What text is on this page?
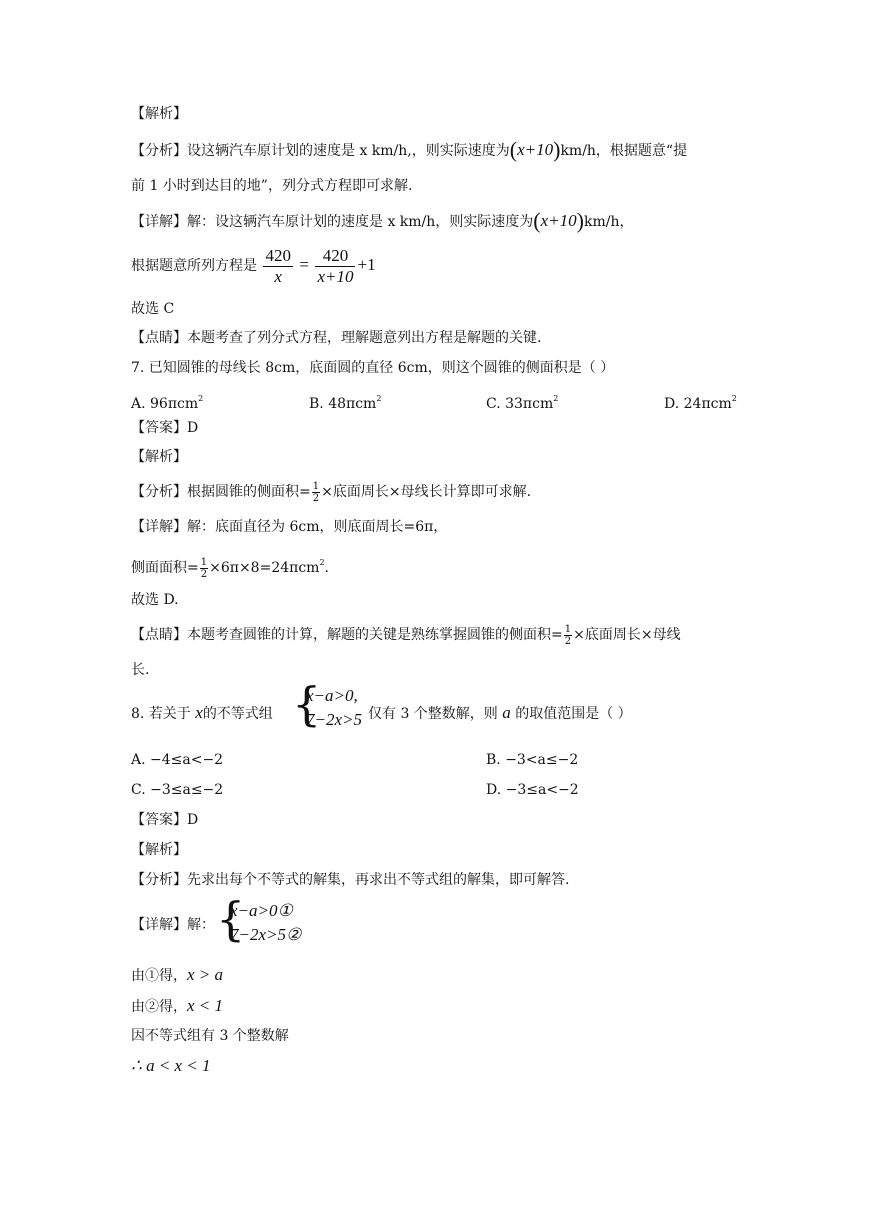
【解析】
【分析】设这辆汽车原计划的速度是 x km/h,，则实际速度为(x+10)km/h，根据题意“提
前 1 小时到达目的地”，列分式方程即可求解.
【详解】解：设这辆汽车原计划的速度是 x km/h，则实际速度为(x+10)km/h，
根据题意所列方程是 $\frac{420}{x} = \frac{420}{x+10} +1$
故选 C
【点睛】本题考查了列分式方程，理解题意列出方程是解题的关键.
7. 已知圆锥的母线长 8cm，底面圆的直径 6cm，则这个圆锥的侧面积是（ ）
A. 96πcm$^2$	B. 48πcm$^2$	C. 33πcm$^2$	D. 24πcm$^2$
【答案】D
【解析】
【分析】根据圆锥的侧面积= $\frac{1}{2}$ ×底面周长×母线长计算即可求解.
【详解】解：底面直径为 6cm，则底面周长=6π，
侧面面积= $\frac{1}{2} \times 6\pi\times 8=24\pi cm^2$.
故选 D.
【点睛】本题考查圆锥的计算，解题的关键是熟练掌握圆锥的侧面积= $\frac{1}{2}$ ×底面周长×母线
长.
8. 若关于 x的不等式组 {
x−a>0,
7−2x>5 仅有 3 个整数解，则 a 的取值范围是（ ）
A. −4≤a<−2	B. −3<a≤−2
C. −3≤a≤−2	D. −3≤a<−2
【答案】D
【解析】
【分析】先求出每个不等式的解集，再求出不等式组的解集，即可解答.
【详解】解： {
x−a>0①
7−2x>5②
由①得，x > a
由②得，x < 1
因不等式组有 3 个整数解
∴ a < x < 1
